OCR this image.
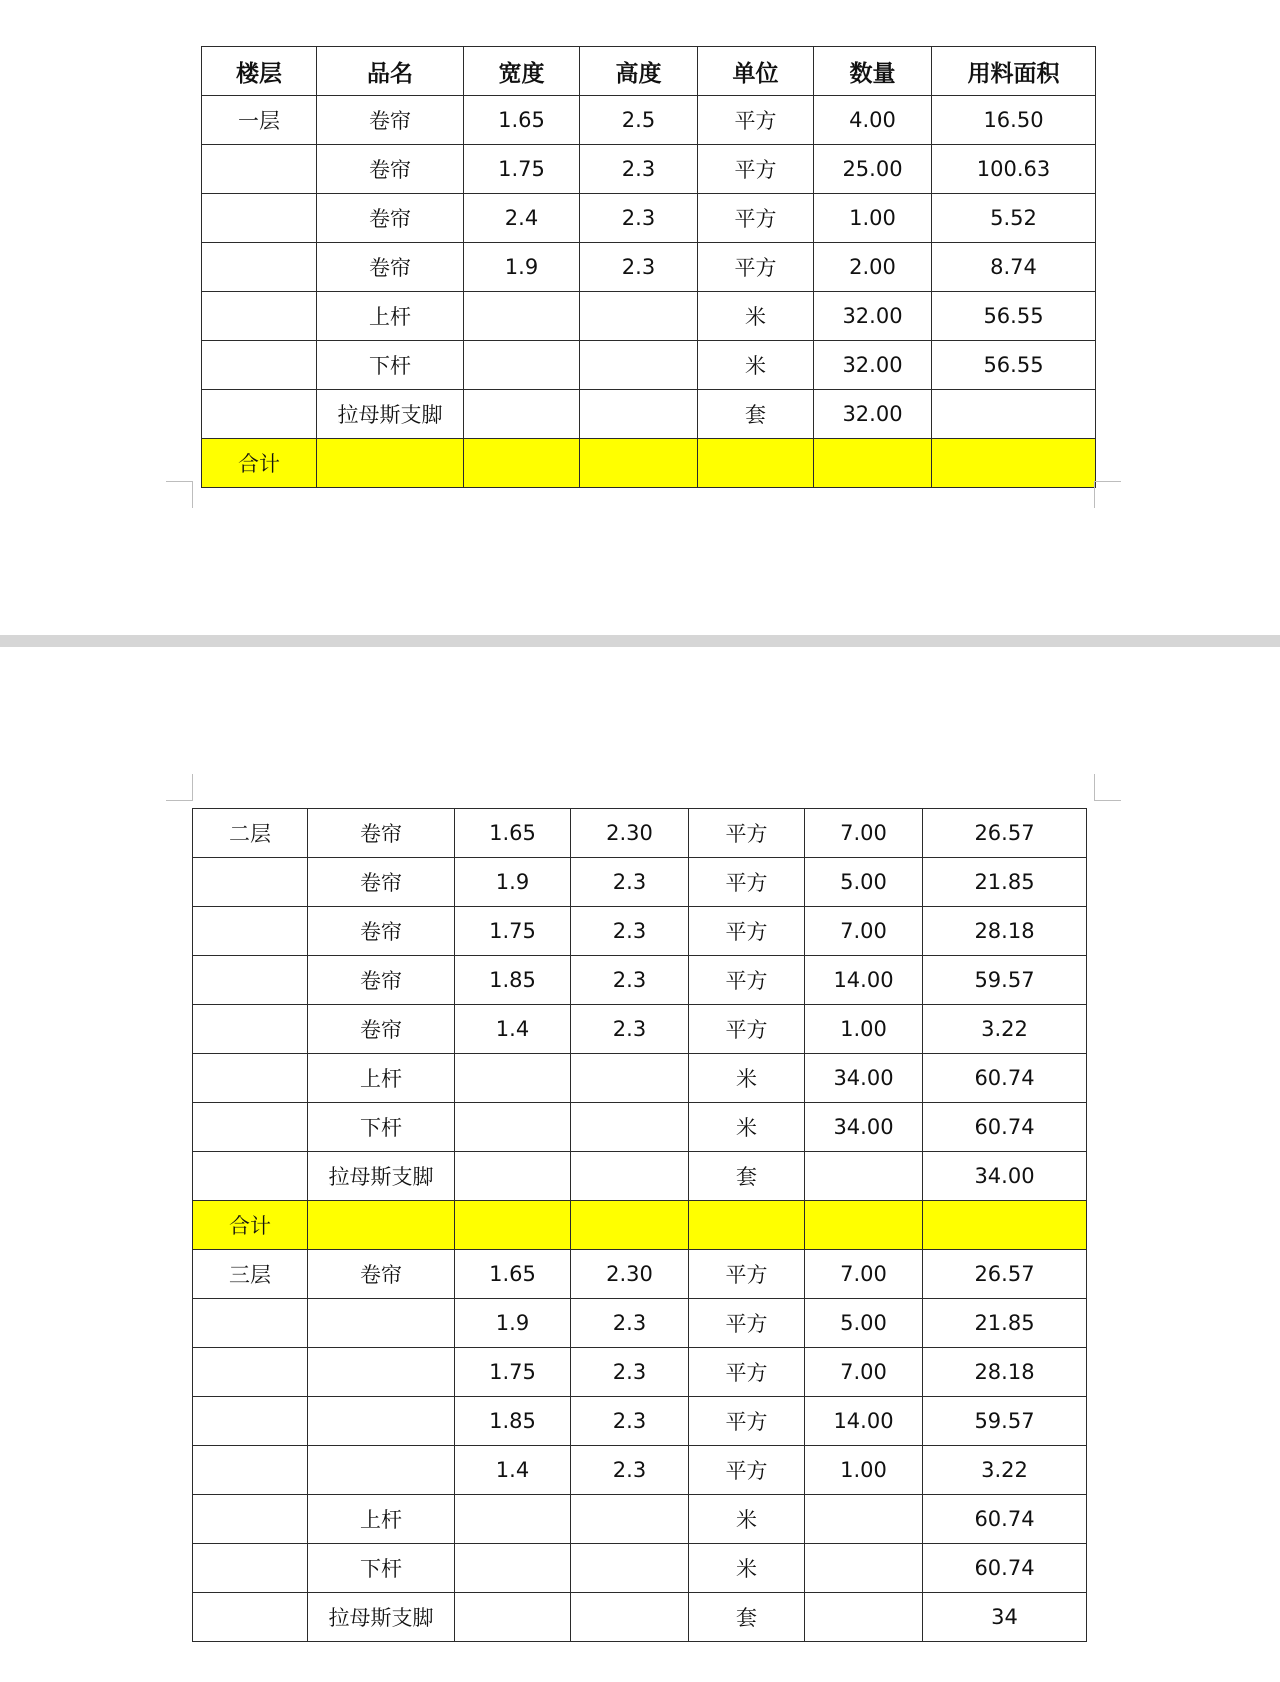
楼层	品名	宽度	高度	单位	数量	用料面积
一层	卷帘	1.65	2.5	平方	4.00	16.50
	卷帘	1.75	2.3	平方	25.00	100.63
	卷帘	2.4	2.3	平方	1.00	5.52
	卷帘	1.9	2.3	平方	2.00	8.74
	上杆			米	32.00	56.55
	下杆			米	32.00	56.55
	拉母斯支脚			套	32.00	
合计						
二层	卷帘	1.65	2.30	平方	7.00	26.57
	卷帘	1.9	2.3	平方	5.00	21.85
	卷帘	1.75	2.3	平方	7.00	28.18
	卷帘	1.85	2.3	平方	14.00	59.57
	卷帘	1.4	2.3	平方	1.00	3.22
	上杆			米	34.00	60.74
	下杆			米	34.00	60.74
	拉母斯支脚			套		34.00
合计						
三层	卷帘	1.65	2.30	平方	7.00	26.57
		1.9	2.3	平方	5.00	21.85
		1.75	2.3	平方	7.00	28.18
		1.85	2.3	平方	14.00	59.57
		1.4	2.3	平方	1.00	3.22
	上杆			米		60.74
	下杆			米		60.74
	拉母斯支脚			套		34
